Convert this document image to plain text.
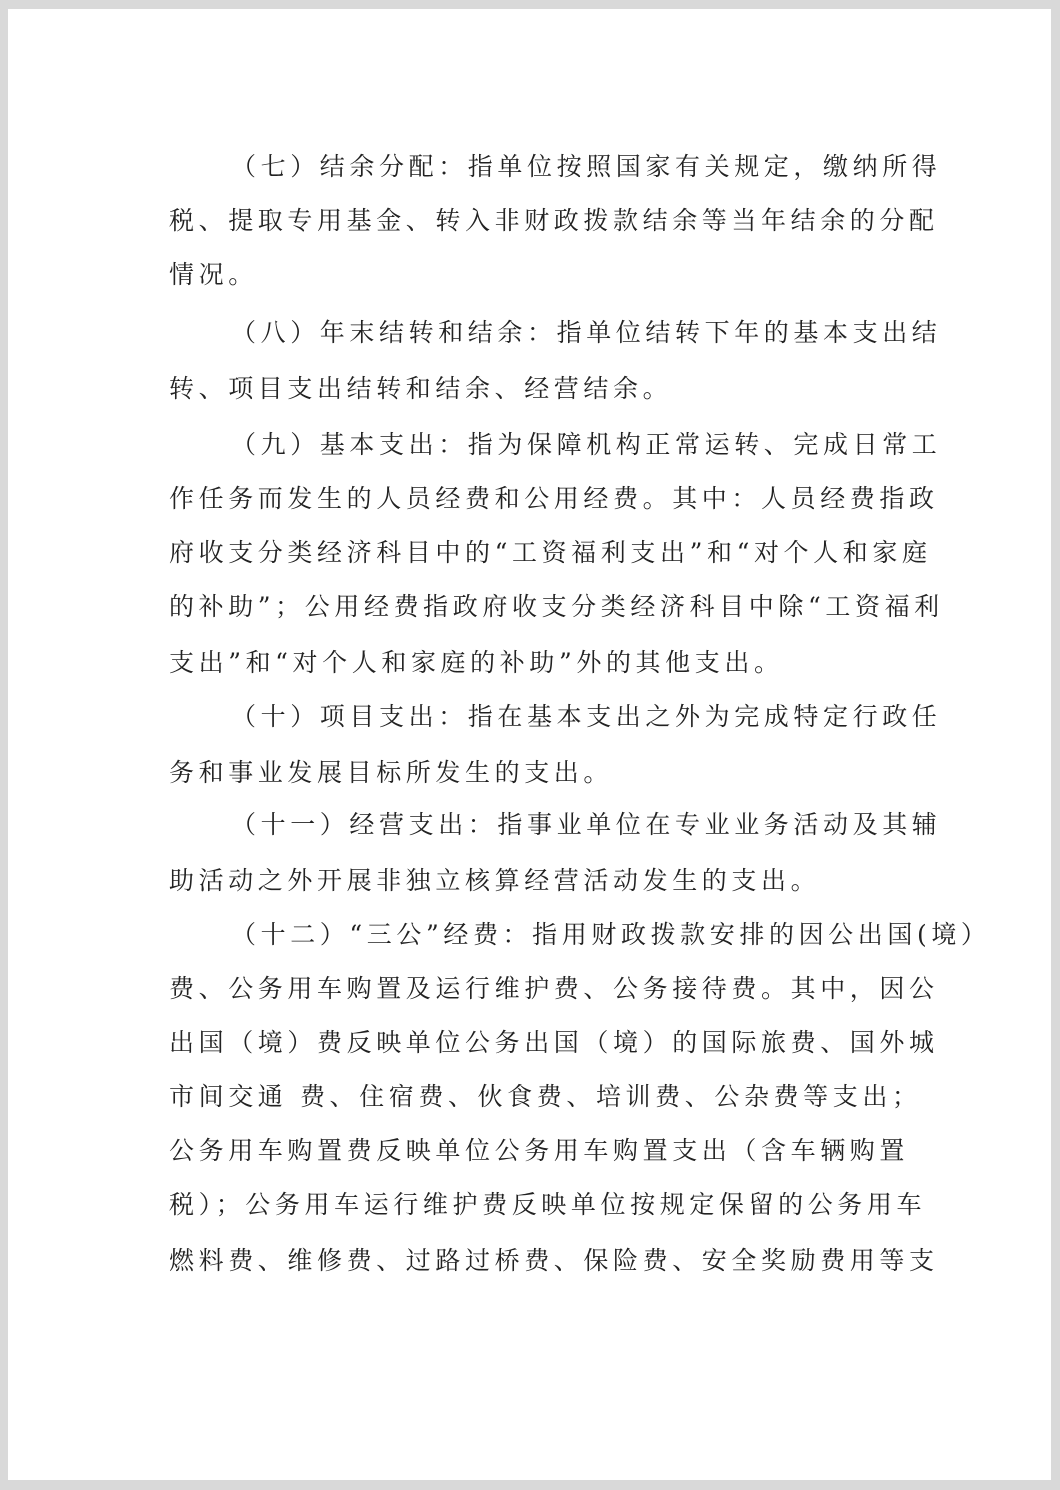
（七）结余分配：指单位按照国家有关规定，缴纳所得
税、提取专用基金、转入非财政拨款结余等当年结余的分配
情况。
（八）年末结转和结余：指单位结转下年的基本支出结
转、项目支出结转和结余、经营结余。
（九）基本支出：指为保障机构正常运转、完成日常工
作任务而发生的人员经费和公用经费。其中：人员经费指政
府收支分类经济科目中的“工资福利支出”和“对个人和家庭
的补助”；公用经费指政府收支分类经济科目中除“工资福利
支出”和“对个人和家庭的补助”外的其他支出。
（十）项目支出：指在基本支出之外为完成特定行政任
务和事业发展目标所发生的支出。
（十一）经营支出：指事业单位在专业业务活动及其辅
助活动之外开展非独立核算经营活动发生的支出。
（十二）“三公”经费：指用财政拨款安排的因公出国(境）
费、公务用车购置及运行维护费、公务接待费。其中，因公
出国（境）费反映单位公务出国（境）的国际旅费、国外城
市间交通 费、住宿费、伙食费、培训费、公杂费等支出；
公务用车购置费反映单位公务用车购置支出（含车辆购置
税）；公务用车运行维护费反映单位按规定保留的公务用车
燃料费、维修费、过路过桥费、保险费、安全奖励费用等支
